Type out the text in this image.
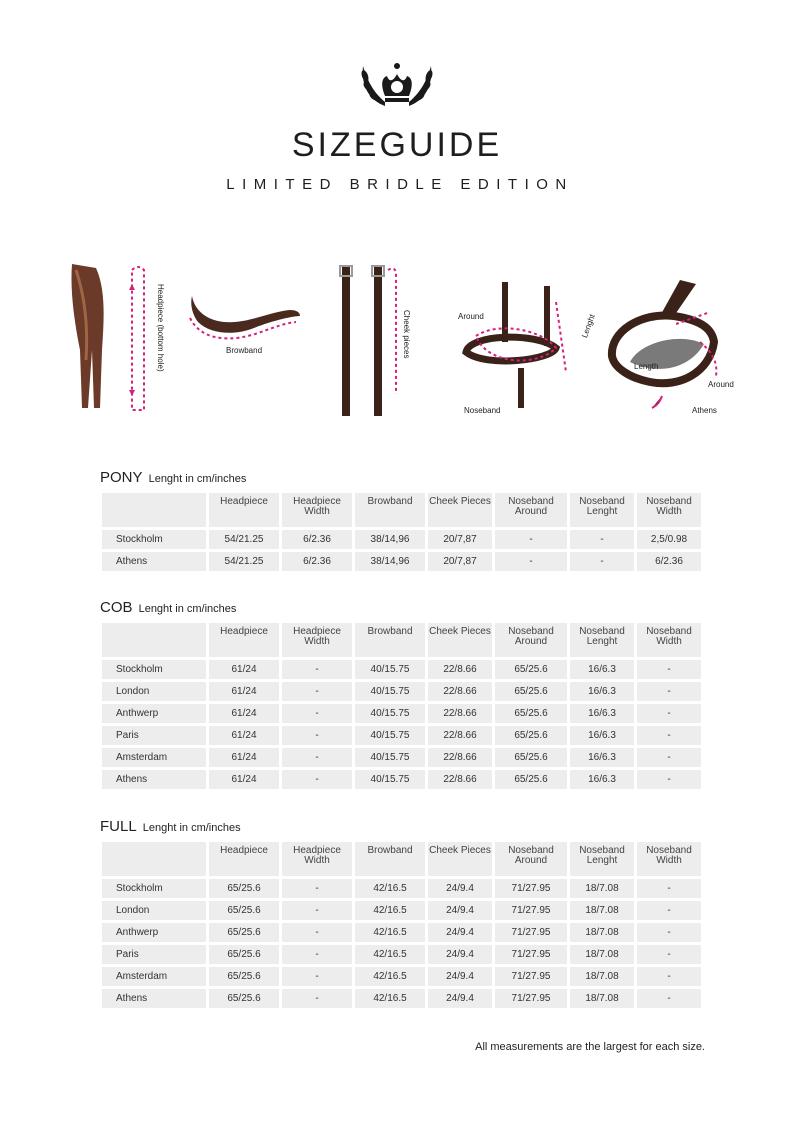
SIZEGUIDE
LIMITED BRIDLE EDITION
Headpiece (bottom hole)	Browband	Cheek pieces	Around	Lenght
Noseband
Length
Around
Athens
PONY Lenght in cm/inches
	Headpiece	Headpiece Width	Browband	Cheek Pieces	Noseband Around	Noseband Lenght	Noseband Width
Stockholm	54/21.25	6/2.36	38/14,96	20/7,87	-	-	2,5/0.98
Athens	54/21.25	6/2.36	38/14,96	20/7,87	-	-	6/2.36
COB Lenght in cm/inches
	Headpiece	Headpiece Width	Browband	Cheek Pieces	Noseband Around	Noseband Lenght	Noseband Width
Stockholm	61/24	-	40/15.75	22/8.66	65/25.6	16/6.3	-
London	61/24	-	40/15.75	22/8.66	65/25.6	16/6.3	-
Anthwerp	61/24	-	40/15.75	22/8.66	65/25.6	16/6.3	-
Paris	61/24	-	40/15.75	22/8.66	65/25.6	16/6.3	-
Amsterdam	61/24	-	40/15.75	22/8.66	65/25.6	16/6.3	-
Athens	61/24	-	40/15.75	22/8.66	65/25.6	16/6.3	-
FULL Lenght in cm/inches
	Headpiece	Headpiece Width	Browband	Cheek Pieces	Noseband Around	Noseband Lenght	Noseband Width
Stockholm	65/25.6	-	42/16.5	24/9.4	71/27.95	18/7.08	-
London	65/25.6	-	42/16.5	24/9.4	71/27.95	18/7.08	-
Anthwerp	65/25.6	-	42/16.5	24/9.4	71/27.95	18/7.08	-
Paris	65/25.6	-	42/16.5	24/9.4	71/27.95	18/7.08	-
Amsterdam	65/25.6	-	42/16.5	24/9.4	71/27.95	18/7.08	-
Athens	65/25.6	-	42/16.5	24/9.4	71/27.95	18/7.08	-
All measurements are the largest for each size.
